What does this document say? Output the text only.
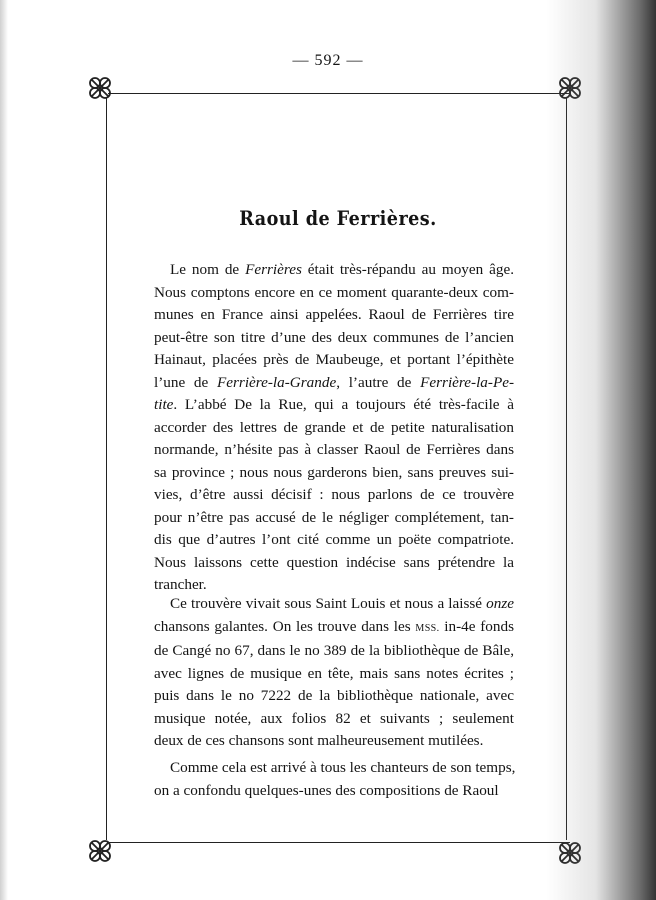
— 592 —
Raoul de Ferrières.
Le nom de Ferrières était très-répandu au moyen âge.
Nous comptons encore en ce moment quarante-deux com-
munes en France ainsi appelées. Raoul de Ferrières tire
peut-être son titre d’une des deux communes de l’ancien
Hainaut, placées près de Maubeuge, et portant l’épithète
l’une de Ferrière-la-Grande, l’autre de Ferrière-la-Pe-
tite. L’abbé De la Rue, qui a toujours été très-facile à
accorder des lettres de grande et de petite naturalisation
normande, n’hésite pas à classer Raoul de Ferrières dans
sa province ; nous nous garderons bien, sans preuves sui-
vies, d’être aussi décisif : nous parlons de ce trouvère
pour n’être pas accusé de le négliger complétement, tan-
dis que d’autres l’ont cité comme un poëte compatriote.
Nous laissons cette question indécise sans prétendre la
trancher.
Ce trouvère vivait sous Saint Louis et nous a laissé onze
chansons galantes. On les trouve dans les MSS. in-4e fonds
de Cangé no 67, dans le no 389 de la bibliothèque de Bâle,
avec lignes de musique en tête, mais sans notes écrites ;
puis dans le no 7222 de la bibliothèque nationale, avec
musique notée, aux folios 82 et suivants ; seulement
deux de ces chansons sont malheureusement mutilées.
Comme cela est arrivé à tous les chanteurs de son temps,
on a confondu quelques-unes des compositions de Raoul
